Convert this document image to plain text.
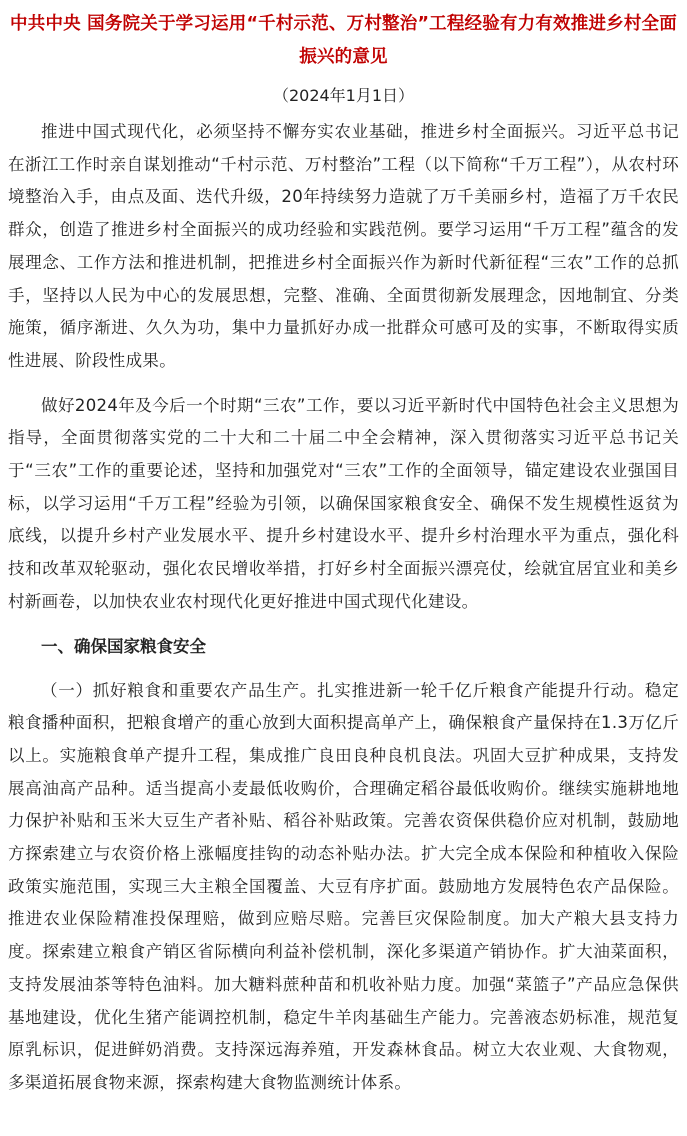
中共中央 国务院关于学习运用“千村示范、万村整治”工程经验有力有效推进乡村全面振兴的意见
（2024年1月1日）

推进中国式现代化，必须坚持不懈夯实农业基础，推进乡村全面振兴。习近平总书记在浙江工作时亲自谋划推动“千村示范、万村整治”工程（以下简称“千万工程”），从农村环境整治入手，由点及面、迭代升级，20年持续努力造就了万千美丽乡村，造福了万千农民群众，创造了推进乡村全面振兴的成功经验和实践范例。要学习运用“千万工程”蕴含的发展理念、工作方法和推进机制，把推进乡村全面振兴作为新时代新征程“三农”工作的总抓手，坚持以人民为中心的发展思想，完整、准确、全面贯彻新发展理念，因地制宜、分类施策，循序渐进、久久为功，集中力量抓好办成一批群众可感可及的实事，不断取得实质性进展、阶段性成果。

做好2024年及今后一个时期“三农”工作，要以习近平新时代中国特色社会主义思想为指导，全面贯彻落实党的二十大和二十届二中全会精神，深入贯彻落实习近平总书记关于“三农”工作的重要论述，坚持和加强党对“三农”工作的全面领导，锚定建设农业强国目标，以学习运用“千万工程”经验为引领，以确保国家粮食安全、确保不发生规模性返贫为底线，以提升乡村产业发展水平、提升乡村建设水平、提升乡村治理水平为重点，强化科技和改革双轮驱动，强化农民增收举措，打好乡村全面振兴漂亮仗，绘就宜居宜业和美乡村新画卷，以加快农业农村现代化更好推进中国式现代化建设。

一、确保国家粮食安全

（一）抓好粮食和重要农产品生产。扎实推进新一轮千亿斤粮食产能提升行动。稳定粮食播种面积，把粮食增产的重心放到大面积提高单产上，确保粮食产量保持在1.3万亿斤以上。实施粮食单产提升工程，集成推广良田良种良机良法。巩固大豆扩种成果，支持发展高油高产品种。适当提高小麦最低收购价，合理确定稻谷最低收购价。继续实施耕地地力保护补贴和玉米大豆生产者补贴、稻谷补贴政策。完善农资保供稳价应对机制，鼓励地方探索建立与农资价格上涨幅度挂钩的动态补贴办法。扩大完全成本保险和种植收入保险政策实施范围，实现三大主粮全国覆盖、大豆有序扩面。鼓励地方发展特色农产品保险。推进农业保险精准投保理赔，做到应赔尽赔。完善巨灾保险制度。加大产粮大县支持力度。探索建立粮食产销区省际横向利益补偿机制，深化多渠道产销协作。扩大油菜面积，支持发展油茶等特色油料。加大糖料蔗种苗和机收补贴力度。加强“菜篮子”产品应急保供基地建设，优化生猪产能调控机制，稳定牛羊肉基础生产能力。完善液态奶标准，规范复原乳标识，促进鲜奶消费。支持深远海养殖，开发森林食品。树立大农业观、大食物观，多渠道拓展食物来源，探索构建大食物监测统计体系。
